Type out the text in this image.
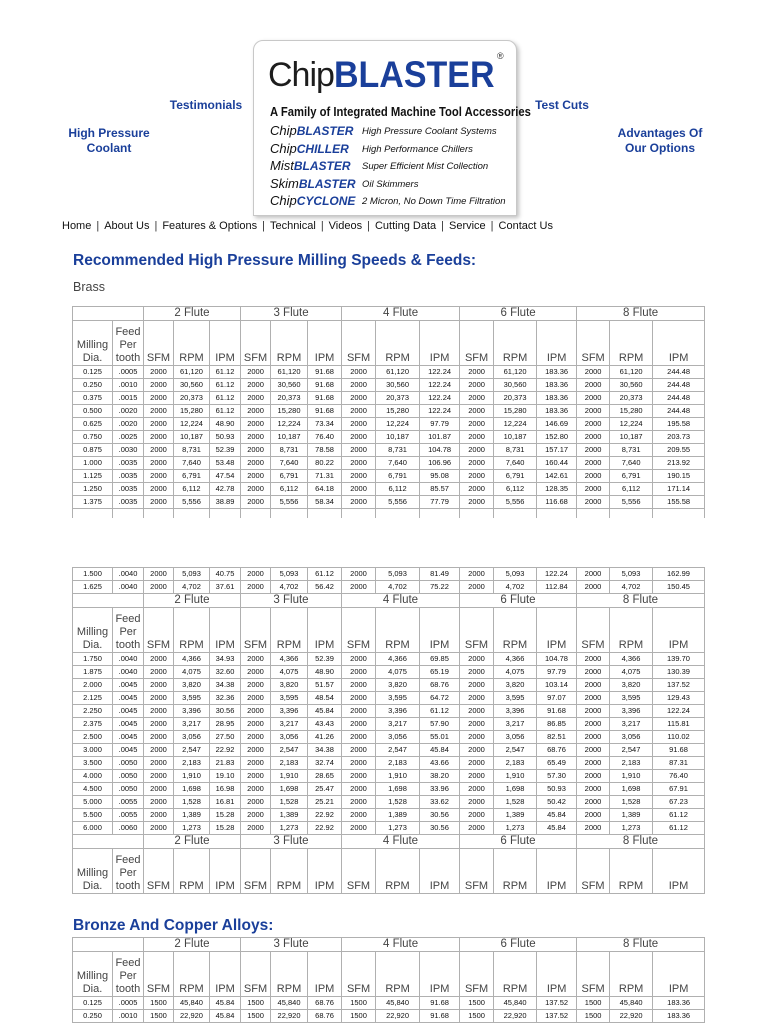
Testimonials	Test Cuts
High Pressure
Coolant
Advantages Of
Our Options
ChipBLASTER ®
A Family of Integrated Machine Tool Accessories
ChipBLASTER High Pressure Coolant Systems
ChipCHILLER High Performance Chillers
MistBLASTER Super Efficient Mist Collection
SkimBLASTER Oil Skimmers
ChipCYCLONE 2 Micron, No Down Time Filtration
Home | About Us | Features & Options | Technical | Videos | Cutting Data | Service | Contact Us
Recommended High Pressure Milling Speeds & Feeds:
Brass
		2 Flute			3 Flute			4 Flute			6 Flute			8 Flute		
Milling
Dia.	Feed
Per
tooth	SFM	RPM	IPM	SFM	RPM	IPM	SFM	RPM	IPM	SFM	RPM	IPM	SFM	RPM	IPM
0.125	.0005	2000	61,120	61.12	2000	61,120	91.68	2000	61,120	122.24	2000	61,120	183.36	2000	61,120	244.48
0.250	.0010	2000	30,560	61.12	2000	30,560	91.68	2000	30,560	122.24	2000	30,560	183.36	2000	30,560	244.48
0.375	.0015	2000	20,373	61.12	2000	20,373	91.68	2000	20,373	122.24	2000	20,373	183.36	2000	20,373	244.48
0.500	.0020	2000	15,280	61.12	2000	15,280	91.68	2000	15,280	122.24	2000	15,280	183.36	2000	15,280	244.48
0.625	.0020	2000	12,224	48.90	2000	12,224	73.34	2000	12,224	97.79	2000	12,224	146.69	2000	12,224	195.58
0.750	.0025	2000	10,187	50.93	2000	10,187	76.40	2000	10,187	101.87	2000	10,187	152.80	2000	10,187	203.73
0.875	.0030	2000	8,731	52.39	2000	8,731	78.58	2000	8,731	104.78	2000	8,731	157.17	2000	8,731	209.55
1.000	.0035	2000	7,640	53.48	2000	7,640	80.22	2000	7,640	106.96	2000	7,640	160.44	2000	7,640	213.92
1.125	.0035	2000	6,791	47.54	2000	6,791	71.31	2000	6,791	95.08	2000	6,791	142.61	2000	6,791	190.15
1.250	.0035	2000	6,112	42.78	2000	6,112	64.18	2000	6,112	85.57	2000	6,112	128.35	2000	6,112	171.14
1.375	.0035	2000	5,556	38.89	2000	5,556	58.34	2000	5,556	77.79	2000	5,556	116.68	2000	5,556	155.58

1.500	.0040	2000	5,093	40.75	2000	5,093	61.12	2000	5,093	81.49	2000	5,093	122.24	2000	5,093	162.99
1.625	.0040	2000	4,702	37.61	2000	4,702	56.42	2000	4,702	75.22	2000	4,702	112.84	2000	4,702	150.45
		2 Flute			3 Flute			4 Flute			6 Flute			8 Flute		
Milling
Dia.	Feed
Per
tooth	SFM	RPM	IPM	SFM	RPM	IPM	SFM	RPM	IPM	SFM	RPM	IPM	SFM	RPM	IPM
1.750	.0040	2000	4,366	34.93	2000	4,366	52.39	2000	4,366	69.85	2000	4,366	104.78	2000	4,366	139.70
1.875	.0040	2000	4,075	32.60	2000	4,075	48.90	2000	4,075	65.19	2000	4,075	97.79	2000	4,075	130.39
2.000	.0045	2000	3,820	34.38	2000	3,820	51.57	2000	3,820	68.76	2000	3,820	103.14	2000	3,820	137.52
2.125	.0045	2000	3,595	32.36	2000	3,595	48.54	2000	3,595	64.72	2000	3,595	97.07	2000	3,595	129.43
2.250	.0045	2000	3,396	30.56	2000	3,396	45.84	2000	3,396	61.12	2000	3,396	91.68	2000	3,396	122.24
2.375	.0045	2000	3,217	28.95	2000	3,217	43.43	2000	3,217	57.90	2000	3,217	86.85	2000	3,217	115.81
2.500	.0045	2000	3,056	27.50	2000	3,056	41.26	2000	3,056	55.01	2000	3,056	82.51	2000	3,056	110.02
3.000	.0045	2000	2,547	22.92	2000	2,547	34.38	2000	2,547	45.84	2000	2,547	68.76	2000	2,547	91.68
3.500	.0050	2000	2,183	21.83	2000	2,183	32.74	2000	2,183	43.66	2000	2,183	65.49	2000	2,183	87.31
4.000	.0050	2000	1,910	19.10	2000	1,910	28.65	2000	1,910	38.20	2000	1,910	57.30	2000	1,910	76.40
4.500	.0050	2000	1,698	16.98	2000	1,698	25.47	2000	1,698	33.96	2000	1,698	50.93	2000	1,698	67.91
5.000	.0055	2000	1,528	16.81	2000	1,528	25.21	2000	1,528	33.62	2000	1,528	50.42	2000	1,528	67.23
5.500	.0055	2000	1,389	15.28	2000	1,389	22.92	2000	1,389	30.56	2000	1,389	45.84	2000	1,389	61.12
6.000	.0060	2000	1,273	15.28	2000	1,273	22.92	2000	1,273	30.56	2000	1,273	45.84	2000	1,273	61.12
		2 Flute			3 Flute			4 Flute			6 Flute			8 Flute		
Milling
Dia.	Feed
Per
tooth	SFM	RPM	IPM	SFM	RPM	IPM	SFM	RPM	IPM	SFM	RPM	IPM	SFM	RPM	IPM
Bronze And Copper Alloys:
		2 Flute			3 Flute			4 Flute			6 Flute			8 Flute		
Milling
Dia.	Feed
Per
tooth	SFM	RPM	IPM	SFM	RPM	IPM	SFM	RPM	IPM	SFM	RPM	IPM	SFM	RPM	IPM
0.125	.0005	1500	45,840	45.84	1500	45,840	68.76	1500	45,840	91.68	1500	45,840	137.52	1500	45,840	183.36
0.250	.0010	1500	22,920	45.84	1500	22,920	68.76	1500	22,920	91.68	1500	22,920	137.52	1500	22,920	183.36
